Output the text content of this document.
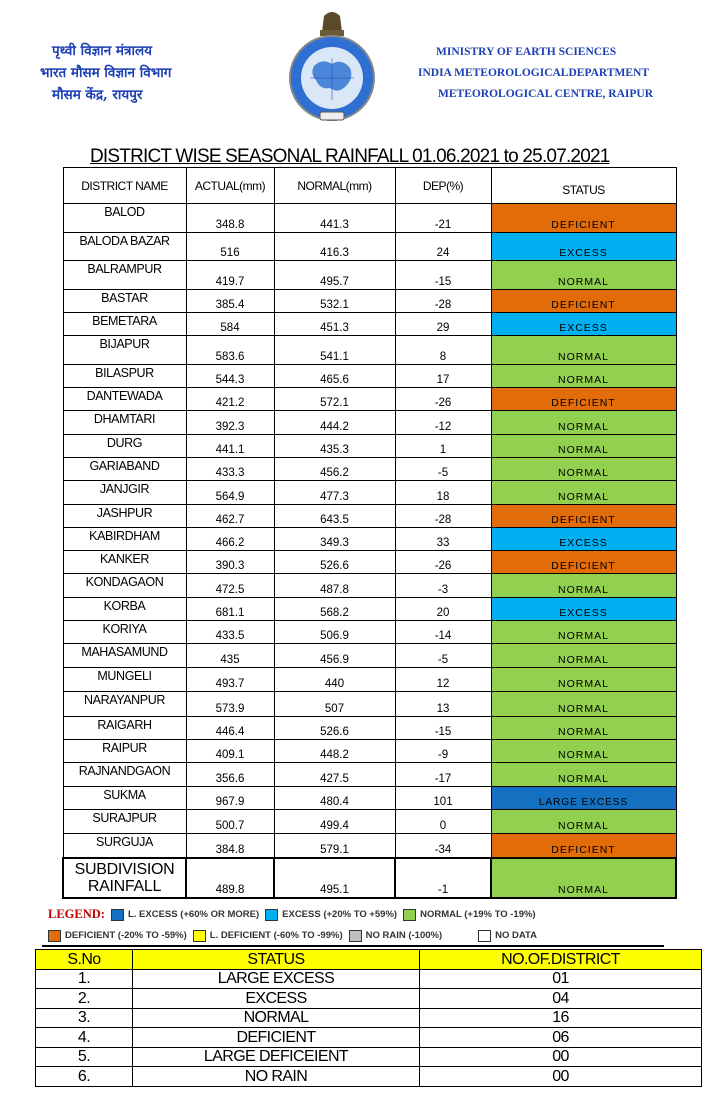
पृथ्वी विज्ञान मंत्रालय
भारत मौसम विज्ञान विभाग
मौसम केंद्र, रायपुर
MINISTRY OF EARTH SCIENCES
INDIA METEOROLOGICALDEPARTMENT
METEOROLOGICAL CENTRE, RAIPUR
DISTRICT WISE SEASONAL RAINFALL 01.06.2021 to 25.07.2021
DISTRICT NAME	ACTUAL(mm)	NORMAL(mm)	DEP(%)	STATUS
BALOD	348.8	441.3	-21	DEFICIENT
BALODA BAZAR	516	416.3	24	EXCESS
BALRAMPUR	419.7	495.7	-15	NORMAL
BASTAR	385.4	532.1	-28	DEFICIENT
BEMETARA	584	451.3	29	EXCESS
BIJAPUR	583.6	541.1	8	NORMAL
BILASPUR	544.3	465.6	17	NORMAL
DANTEWADA	421.2	572.1	-26	DEFICIENT
DHAMTARI	392.3	444.2	-12	NORMAL
DURG	441.1	435.3	1	NORMAL
GARIABAND	433.3	456.2	-5	NORMAL
JANJGIR	564.9	477.3	18	NORMAL
JASHPUR	462.7	643.5	-28	DEFICIENT
KABIRDHAM	466.2	349.3	33	EXCESS
KANKER	390.3	526.6	-26	DEFICIENT
KONDAGAON	472.5	487.8	-3	NORMAL
KORBA	681.1	568.2	20	EXCESS
KORIYA	433.5	506.9	-14	NORMAL
MAHASAMUND	435	456.9	-5	NORMAL
MUNGELI	493.7	440	12	NORMAL
NARAYANPUR	573.9	507	13	NORMAL
RAIGARH	446.4	526.6	-15	NORMAL
RAIPUR	409.1	448.2	-9	NORMAL
RAJNANDGAON	356.6	427.5	-17	NORMAL
SUKMA	967.9	480.4	101	LARGE EXCESS
SURAJPUR	500.7	499.4	0	NORMAL
SURGUJA	384.8	579.1	-34	DEFICIENT

SUBDIVISION
RAINFALL	489.8	495.1	-1	NORMAL
LEGEND: L. EXCESS (+60% OR MORE) EXCESS (+20% TO +59%) NORMAL (+19% TO -19%)
DEFICIENT (-20% TO -59%) L. DEFICIENT (-60% TO -99%) NO RAIN (-100%)	NO DATA
S.No	STATUS	NO.OF.DISTRICT
1.	LARGE EXCESS	01
2.	EXCESS	04
3.	NORMAL	16
4.	DEFICIENT	06
5.	LARGE DEFICEIENT	00
6.	NO RAIN	00
